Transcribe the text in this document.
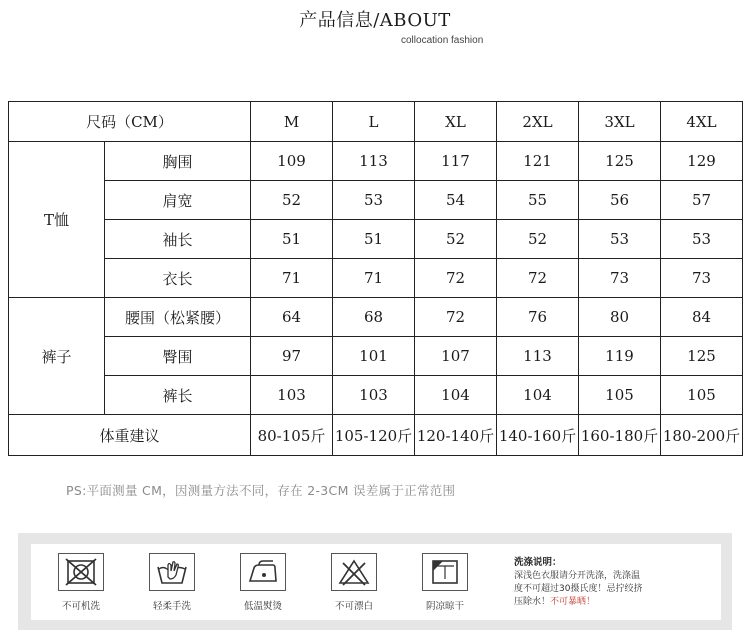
产品信息/ABOUT
collocation fashion
尺码（CM）		M	L	XL	2XL	3XL	4XL
T恤	胸围	109	113	117	121	125	129
	肩宽	52	53	54	55	56	57
	袖长	51	51	52	52	53	53
	衣长	71	71	72	72	73	73
裤子	腰围（松紧腰）	64	68	72	76	80	84
	臀围	97	101	107	113	119	125
	裤长	103	103	104	104	105	105
体重建议		80-105斤	105-120斤	120-140斤	140-160斤	160-180斤	180-200斤
PS:平面测量 CM，因测量方法不同，存在 2-3CM 误差属于正常范围
不可机洗	轻柔手洗	低温熨烫	不可漂白	阴凉晾干
洗涤说明：
深浅色衣服请分开洗涤，洗涤温
度不可超过30摄氏度！忌拧绞挤
压除水！不可暴晒！
